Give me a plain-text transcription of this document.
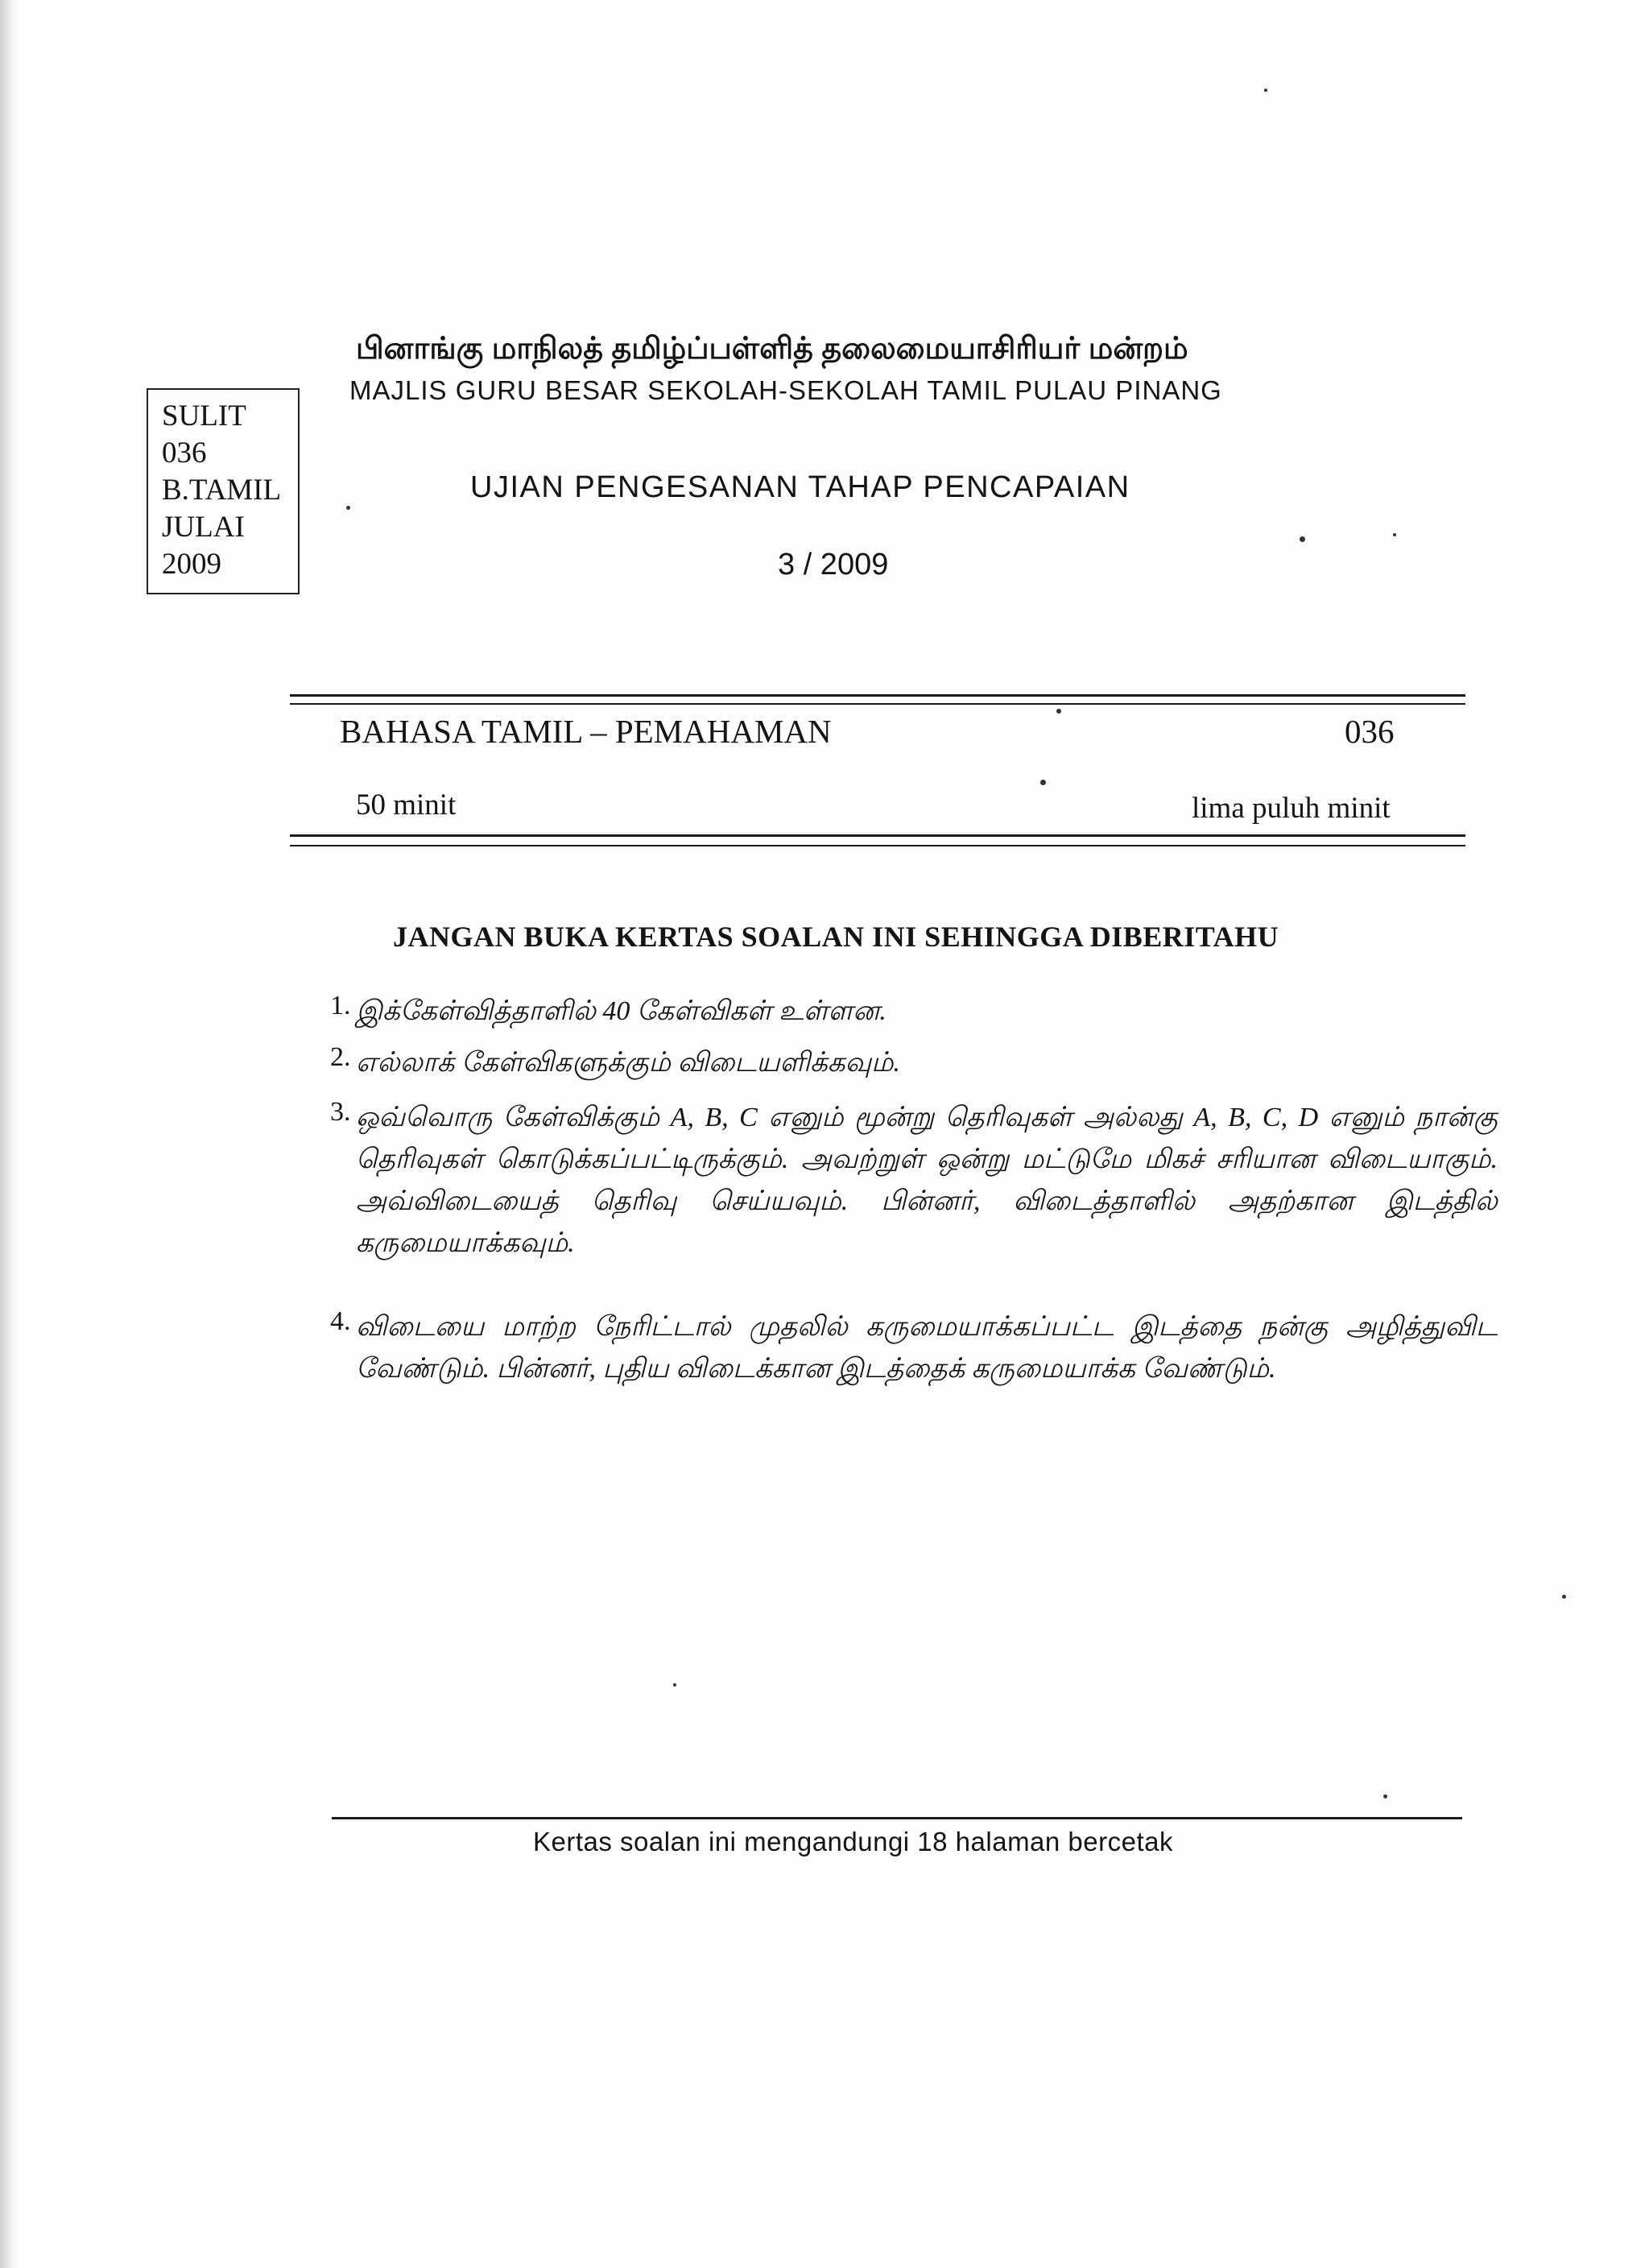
பினாங்கு மாநிலத் தமிழ்ப்பள்ளித் தலைமையாசிரியர் மன்றம்
MAJLIS GURU BESAR SEKOLAH-SEKOLAH TAMIL PULAU PINANG
SULIT
036
B.TAMIL
JULAI
2009
UJIAN PENGESANAN TAHAP PENCAPAIAN
3 / 2009
BAHASA TAMIL – PEMAHAMAN	036
50 minit	lima puluh minit
JANGAN BUKA KERTAS SOALAN INI SEHINGGA DIBERITAHU
1. இக்கேள்வித்தாளில் 40 கேள்விகள் உள்ளன.
2. எல்லாக் கேள்விகளுக்கும் விடையளிக்கவும்.
3. ஒவ்வொரு கேள்விக்கும் A, B, C எனும் மூன்று தெரிவுகள் அல்லது A, B, C, D எனும் நான்கு தெரிவுகள் கொடுக்கப்பட்டிருக்கும். அவற்றுள் ஒன்று மட்டுமே மிகச் சரியான விடையாகும். அவ்விடையைத் தெரிவு செய்யவும். பின்னர், விடைத்தாளில் அதற்கான இடத்தில் கருமையாக்கவும்.
4. விடையை மாற்ற நேரிட்டால் முதலில் கருமையாக்கப்பட்ட இடத்தை நன்கு அழித்துவிட வேண்டும். பின்னர், புதிய விடைக்கான இடத்தைக் கருமையாக்க வேண்டும்.
Kertas soalan ini mengandungi 18 halaman bercetak
